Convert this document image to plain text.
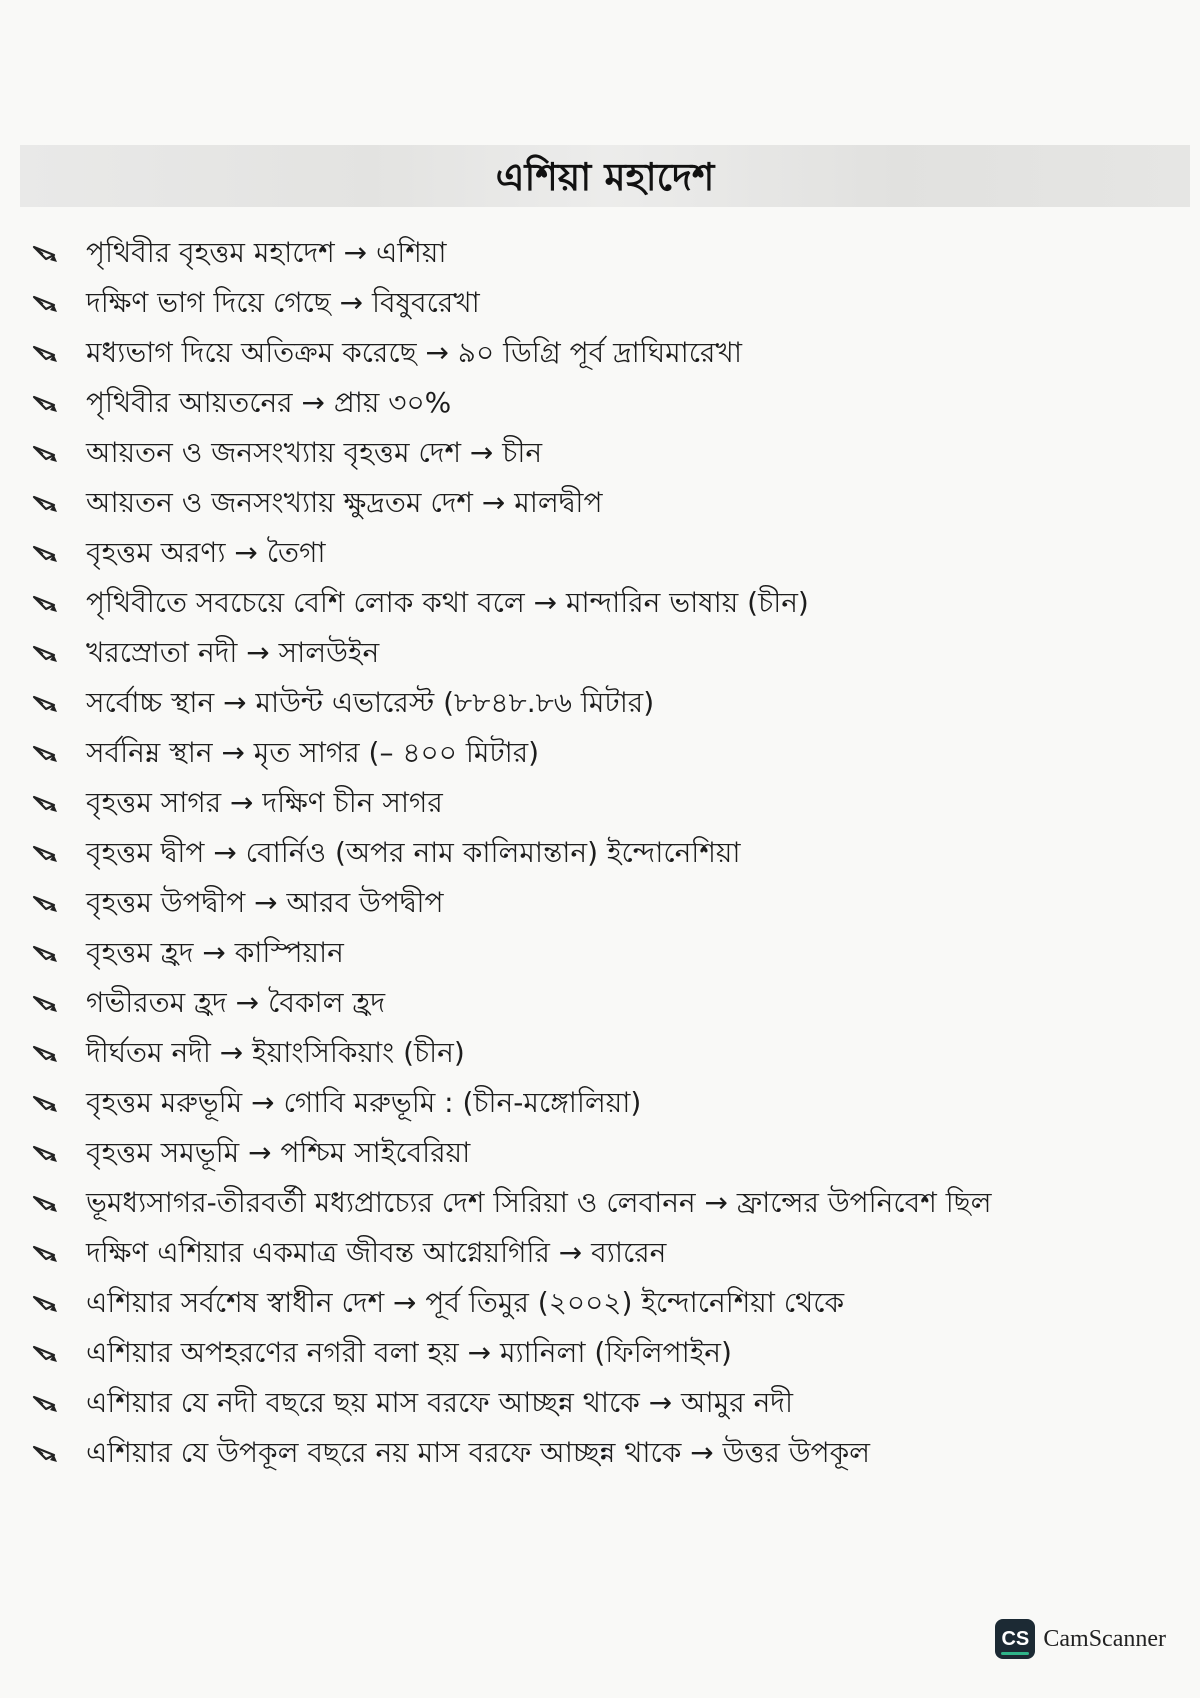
এশিয়া মহাদেশ
পৃথিবীর বৃহত্তম মহাদেশ → এশিয়া
দক্ষিণ ভাগ দিয়ে গেছে → বিষুবরেখা
মধ্যভাগ দিয়ে অতিক্রম করেছে → ৯০ ডিগ্রি পূর্ব দ্রাঘিমারেখা
পৃথিবীর আয়তনের → প্রায় ৩০%
আয়তন ও জনসংখ্যায় বৃহত্তম দেশ → চীন
আয়তন ও জনসংখ্যায় ক্ষুদ্রতম দেশ → মালদ্বীপ
বৃহত্তম অরণ্য → তৈগা
পৃথিবীতে সবচেয়ে বেশি লোক কথা বলে → মান্দারিন ভাষায় (চীন)
খরস্রোতা নদী → সালউইন
সর্বোচ্চ স্থান → মাউন্ট এভারেস্ট (৮৮৪৮.৮৬ মিটার)
সর্বনিম্ন স্থান → মৃত সাগর (– ৪০০ মিটার)
বৃহত্তম সাগর → দক্ষিণ চীন সাগর
বৃহত্তম দ্বীপ → বোর্নিও (অপর নাম কালিমান্তান) ইন্দোনেশিয়া
বৃহত্তম উপদ্বীপ → আরব উপদ্বীপ
বৃহত্তম হ্রদ → কাস্পিয়ান
গভীরতম হ্রদ → বৈকাল হ্রদ
দীর্ঘতম নদী → ইয়াংসিকিয়াং (চীন)
বৃহত্তম মরুভূমি → গোবি মরুভূমি : (চীন-মঙ্গোলিয়া)
বৃহত্তম সমভূমি → পশ্চিম সাইবেরিয়া
ভূমধ্যসাগর-তীরবর্তী মধ্যপ্রাচ্যের দেশ সিরিয়া ও লেবানন → ফ্রান্সের উপনিবেশ ছিল
দক্ষিণ এশিয়ার একমাত্র জীবন্ত আগ্নেয়গিরি → ব্যারেন
এশিয়ার সর্বশেষ স্বাধীন দেশ → পূর্ব তিমুর (২০০২) ইন্দোনেশিয়া থেকে
এশিয়ার অপহরণের নগরী বলা হয় → ম্যানিলা (ফিলিপাইন)
এশিয়ার যে নদী বছরে ছয় মাস বরফে আচ্ছন্ন থাকে → আমুর নদী
এশিয়ার যে উপকূল বছরে নয় মাস বরফে আচ্ছন্ন থাকে → উত্তর উপকূল
CS CamScanner
